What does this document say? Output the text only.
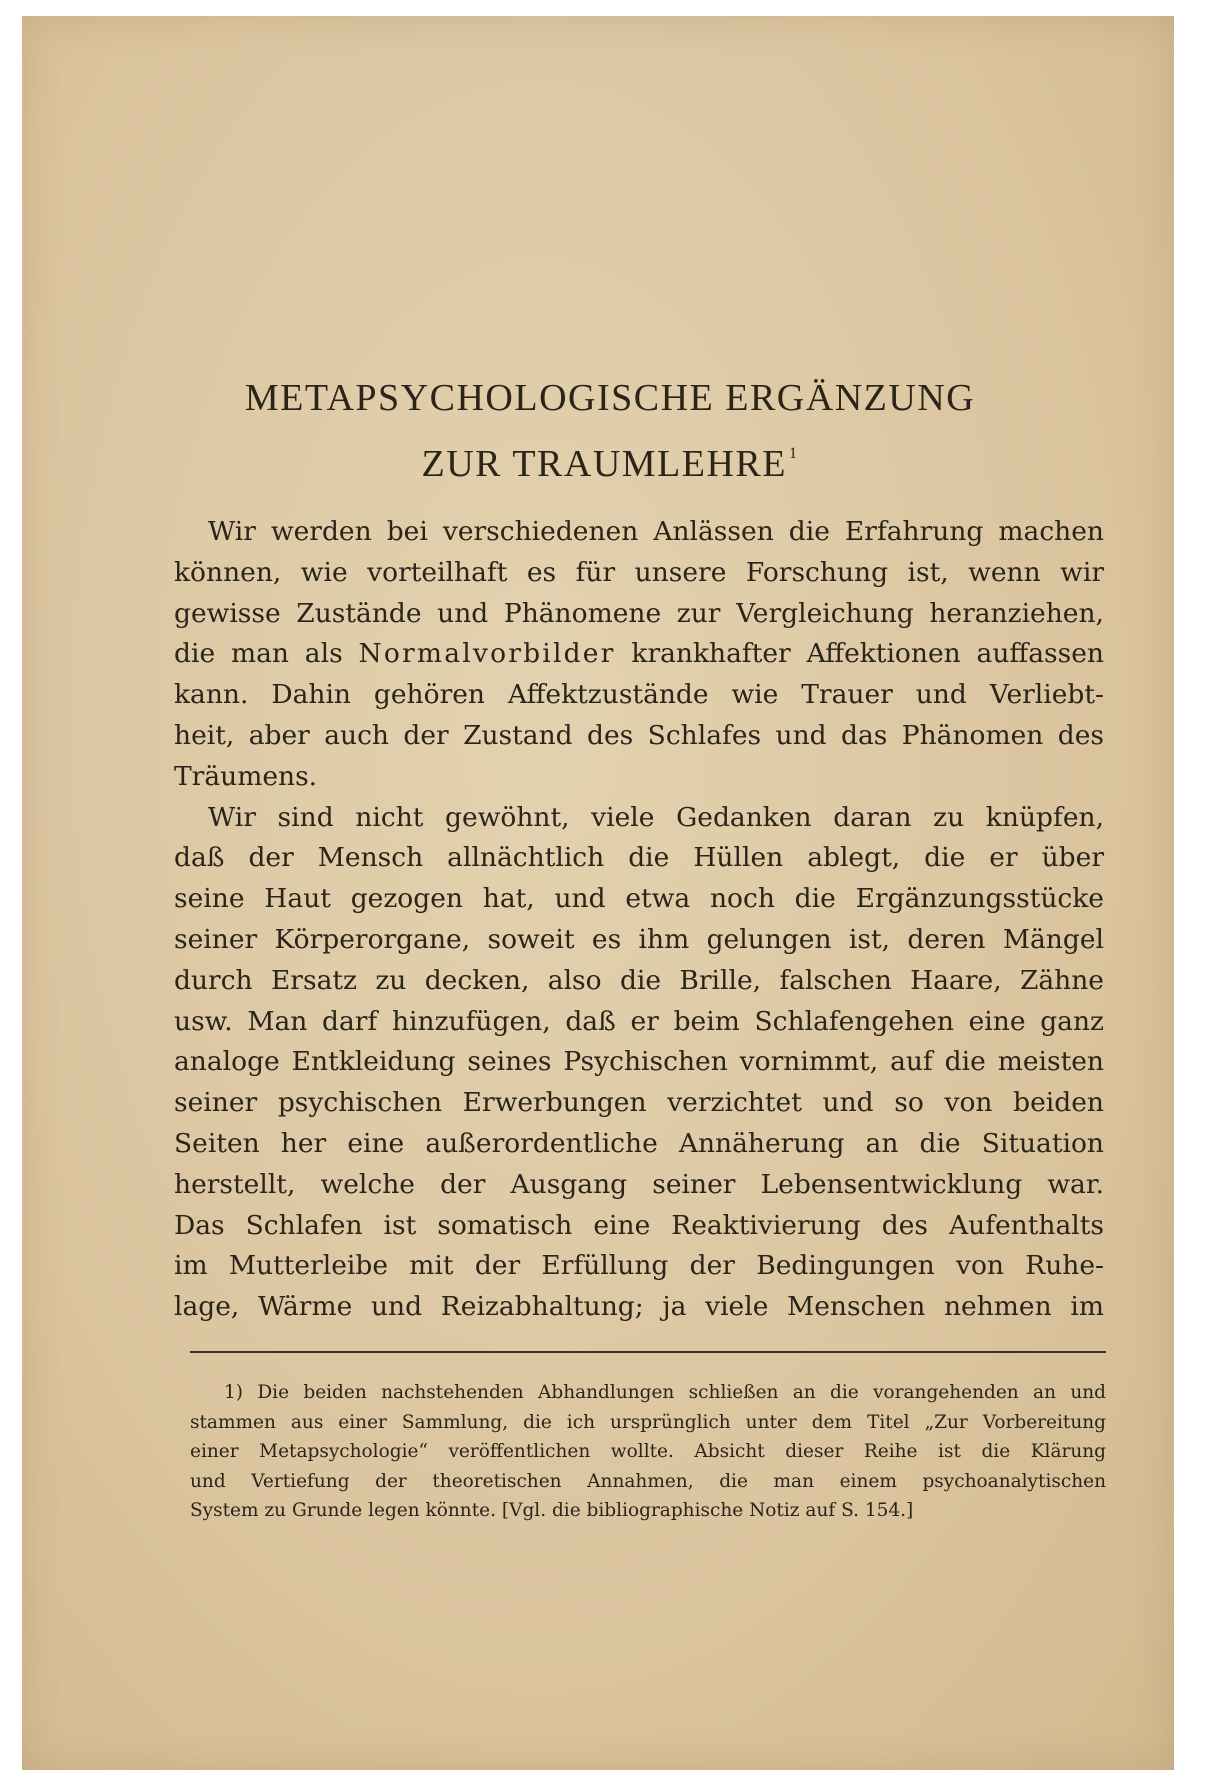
METAPSYCHOLOGISCHE ERGÄNZUNG
ZUR TRAUMLEHRE $^1$

Wir werden bei verschiedenen Anlässen die Erfahrung machen
können, wie vorteilhaft es für unsere Forschung ist, wenn wir
gewisse Zustände und Phänomene zur Vergleichung heranziehen,
die man als Normalvorbilder krankhafter Affektionen auffassen
kann. Dahin gehören Affektzustände wie Trauer und Verliebt-
heit, aber auch der Zustand des Schlafes und das Phänomen des
Träumens.

Wir sind nicht gewöhnt, viele Gedanken daran zu knüpfen,
daß der Mensch allnächtlich die Hüllen ablegt, die er über
seine Haut gezogen hat, und etwa noch die Ergänzungsstücke
seiner Körperorgane, soweit es ihm gelungen ist, deren Mängel
durch Ersatz zu decken, also die Brille, falschen Haare, Zähne
usw. Man darf hinzufügen, daß er beim Schlafengehen eine ganz
analoge Entkleidung seines Psychischen vornimmt, auf die meisten
seiner psychischen Erwerbungen verzichtet und so von beiden
Seiten her eine außerordentliche Annäherung an die Situation
herstellt, welche der Ausgang seiner Lebensentwicklung war.
Das Schlafen ist somatisch eine Reaktivierung des Aufenthalts
im Mutterleibe mit der Erfüllung der Bedingungen von Ruhe-
lage, Wärme und Reizabhaltung; ja viele Menschen nehmen im

1) Die beiden nachstehenden Abhandlungen schließen an die vorangehenden an und
stammen aus einer Sammlung, die ich ursprünglich unter dem Titel „Zur Vorbereitung
einer Metapsychologie“ veröffentlichen wollte. Absicht dieser Reihe ist die Klärung
und Vertiefung der theoretischen Annahmen, die man einem psychoanalytischen
System zu Grunde legen könnte. [Vgl. die bibliographische Notiz auf S. 154.]
